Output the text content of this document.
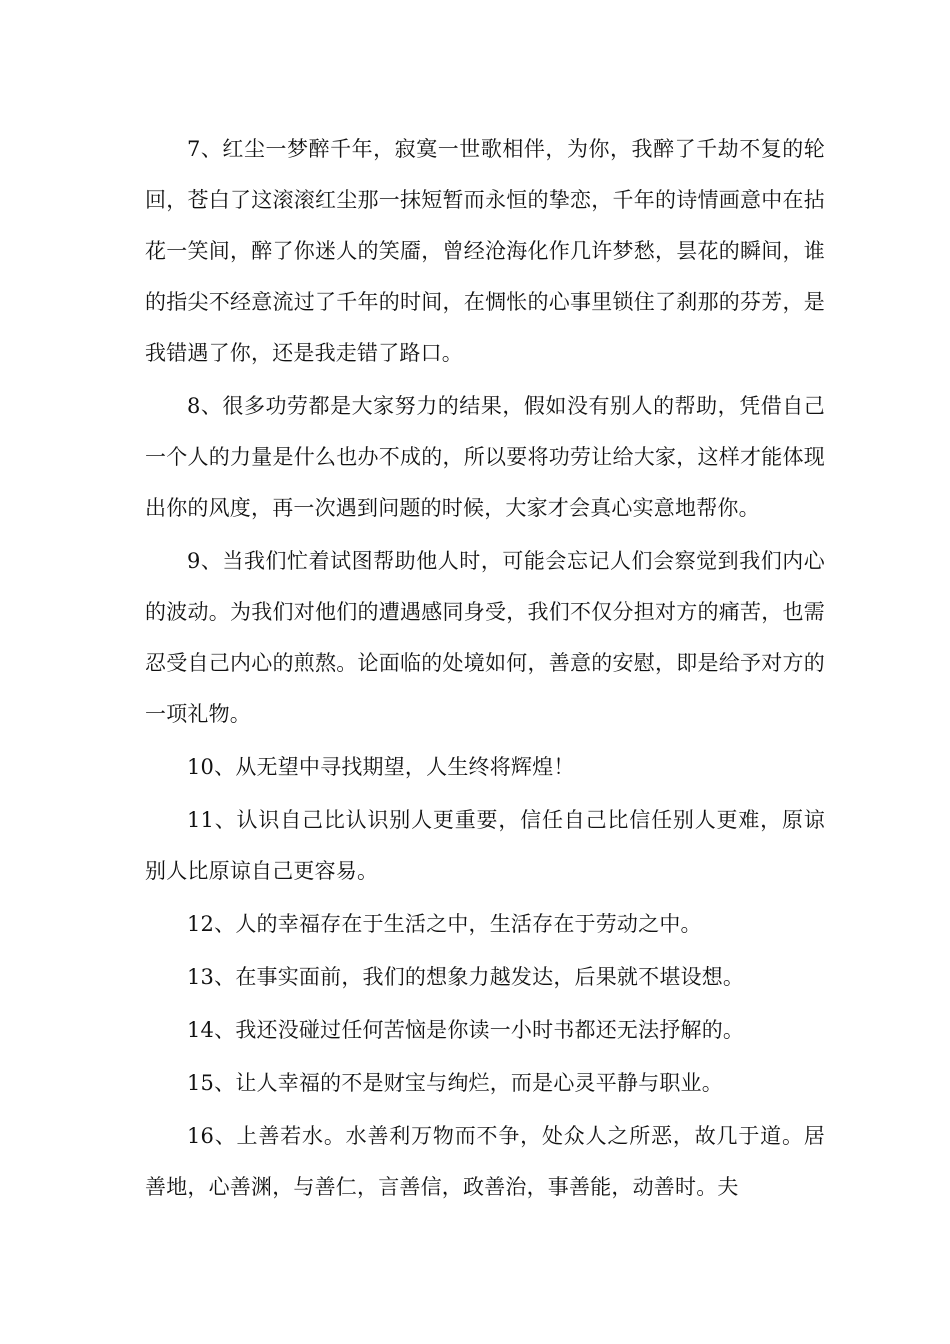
7、红尘一梦醉千年，寂寞一世歌相伴，为你，我醉了千劫不复的轮回，苍白了这滚滚红尘那一抹短暂而永恒的挚恋，千年的诗情画意中在拈花一笑间，醉了你迷人的笑靥，曾经沧海化作几许梦愁，昙花的瞬间，谁的指尖不经意流过了千年的时间，在惆怅的心事里锁住了刹那的芬芳，是我错遇了你，还是我走错了路口。

8、很多功劳都是大家努力的结果，假如没有别人的帮助，凭借自己一个人的力量是什么也办不成的，所以要将功劳让给大家，这样才能体现出你的风度，再一次遇到问题的时候，大家才会真心实意地帮你。

9、当我们忙着试图帮助他人时，可能会忘记人们会察觉到我们内心的波动。为我们对他们的遭遇感同身受，我们不仅分担对方的痛苦，也需忍受自己内心的煎熬。论面临的处境如何，善意的安慰，即是给予对方的一项礼物。

10、从无望中寻找期望，人生终将辉煌！

11、认识自己比认识别人更重要，信任自己比信任别人更难，原谅别人比原谅自己更容易。

12、人的幸福存在于生活之中，生活存在于劳动之中。

13、在事实面前，我们的想象力越发达，后果就不堪设想。

14、我还没碰过任何苦恼是你读一小时书都还无法抒解的。

15、让人幸福的不是财宝与绚烂，而是心灵平静与职业。

16、上善若水。水善利万物而不争，处众人之所恶，故几于道。居善地，心善渊，与善仁，言善信，政善治，事善能，动善时。夫
